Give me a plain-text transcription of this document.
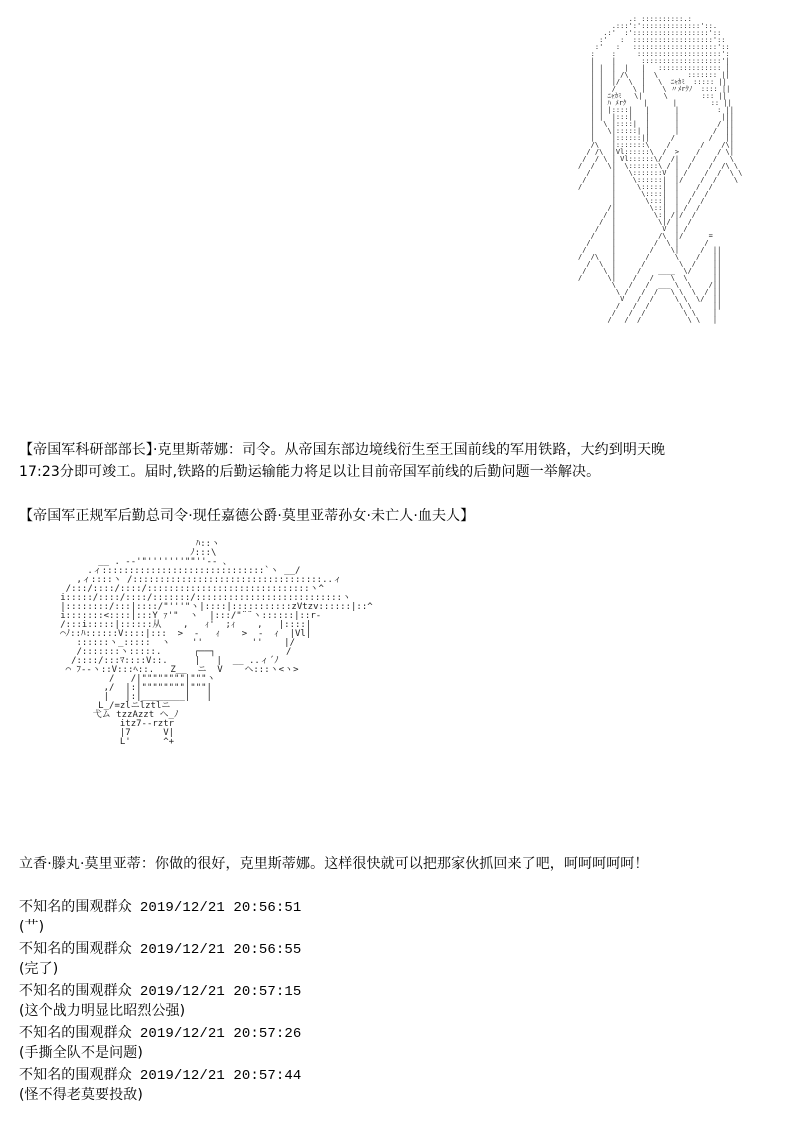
.: ::::::::::.:
.:::':'::::::::::::::'::.
.:'  :'::::::::::::::::::'::
:'   :  :::::::::::::::::::'::
:'   :   ::::::::::::::::::::'::
:    :     ::::::::::::::::::::':
|    |      :::::::::::::::::::'|
| |  |  |   |   ::::::::::::::: |
| |  | /\   |  \       ::::::: ||
| |  |/  \  |   \  ﾆｬｶﾐ  ::::: ||
| |  /    \ |    \ 〃ﾒrｸﾉ  :::: ||
| | ﾆｬｶﾐ   \|     \        ::: ||
| | ﾊ ﾒrｸ    |      |        :: ||
| | |::::|   |      |         : ||
| |  |:::|   |      |          |||
|  \ |::::|  |      |         / ||
|   \|:::::| |      |        /  ||
|    |::::::||     /        /   ||
/\   |:::::::\    /       /    /\|
/ /\  |Vl::::::\  /  >    /    / \|
/  / \ | Vl::::::\/  /|   /    /   \
/  /   \|  \:::::::\ / |  /    /  /\ \
/     |   \:::::::V  | /    /  /  \ \
/      |    \::::::|  |/    /  /    \
/       |     \:::::|  |    /  /
|      \::::|  |   /  /
|       \:::|  |  /  /
/|        \::|  | /  /
/ |         \:| /|/  /
/  |          \|/ |  /
/   |           V  | /
/    |          /\  |/      =
/     |         /  \ |      /
/      |        /    \|     /  ||
/  /\   |       /      \    /   ||
/  \  |      /        \  /    ||
/    \ |     /    ____  \/     ||
/      \|    /   /    \  \      ||
\   /   /  ___ \  \    /||
\ /   /  /   \ \  \  / ||
V   /  /     \ \  \/  ||
/   /  /       \ \     ||
/   /  /         \ \    |
/   /  /           \ \   |
ﾊ::ヽ
ﾉ:::\
__ . -‐'"'''''''""''‐- 、
.ィ::::::::::::::::::::::::::::::`ヽ __/
,ィ::::ヽ /:::::::::::::::::::::::::::::::::::..ィ
/:::/::::/::::/::::::::::::::::::::::::::::::ヽ^
i:::::/::::/::::/:::::::/:::::::::::::::::::::::::::ヽ
|::::::::/:::|::::/"'''"ヽ|::::|:::::::::::zVtzv::::::|::^
i:::::::<::::|:::Y ｧ'"  ヽ  |:::/"¨¨ヽ::::::|::r-
/:::i:::::|::::::从    ,   ｨ'  ;ｨ    ,   |::::|
⌒ﾉ::ﾊ::::::V::::|:::  >  -   ｨ    >  -  ｨ  |Vl|
::::::ヽ_:::::  ヽ    ''         ''    |/
/:::::::ヽ:::::.      ┌──┐             /
/::::/:::ﾏ::::V::.     |   |  __ ..ィ´ﾉ
⌒ ﾌ-‐ヽ::V:::ﾍ::.   Z__  ニ  V    ヘ:::ヽ<ヽ>
/   /|""""""""|"""ヽ
,/  |:|""""""""|"""|
|   |:|________|   |
L_/=zlニlztlニ
弋ム tzzAzzt ヘ_ﾉ
itz7‐‐rztr
|7      V|
L'      ^+
【帝国军科研部部长】·克里斯蒂娜：司令。从帝国东部边境线衍生至王国前线的军用铁路，大约到明天晚
17:23分即可竣工。届时,铁路的后勤运输能力将足以让目前帝国军前线的后勤问题一举解决。
【帝国军正规军后勤总司令·现任嘉德公爵·莫里亚蒂孙女·未亡人·血夫人】
立香·滕丸·莫里亚蒂：你做的很好，克里斯蒂娜。这样很快就可以把那家伙抓回来了吧，呵呵呵呵呵！
不知名的围观群众 2019/12/21 20:56:51
(艹)
不知名的围观群众 2019/12/21 20:56:55
(完了)
不知名的围观群众 2019/12/21 20:57:15
(这个战力明显比昭烈公强)
不知名的围观群众 2019/12/21 20:57:26
(手撕全队不是问题)
不知名的围观群众 2019/12/21 20:57:44
(怪不得老莫要投敌)
